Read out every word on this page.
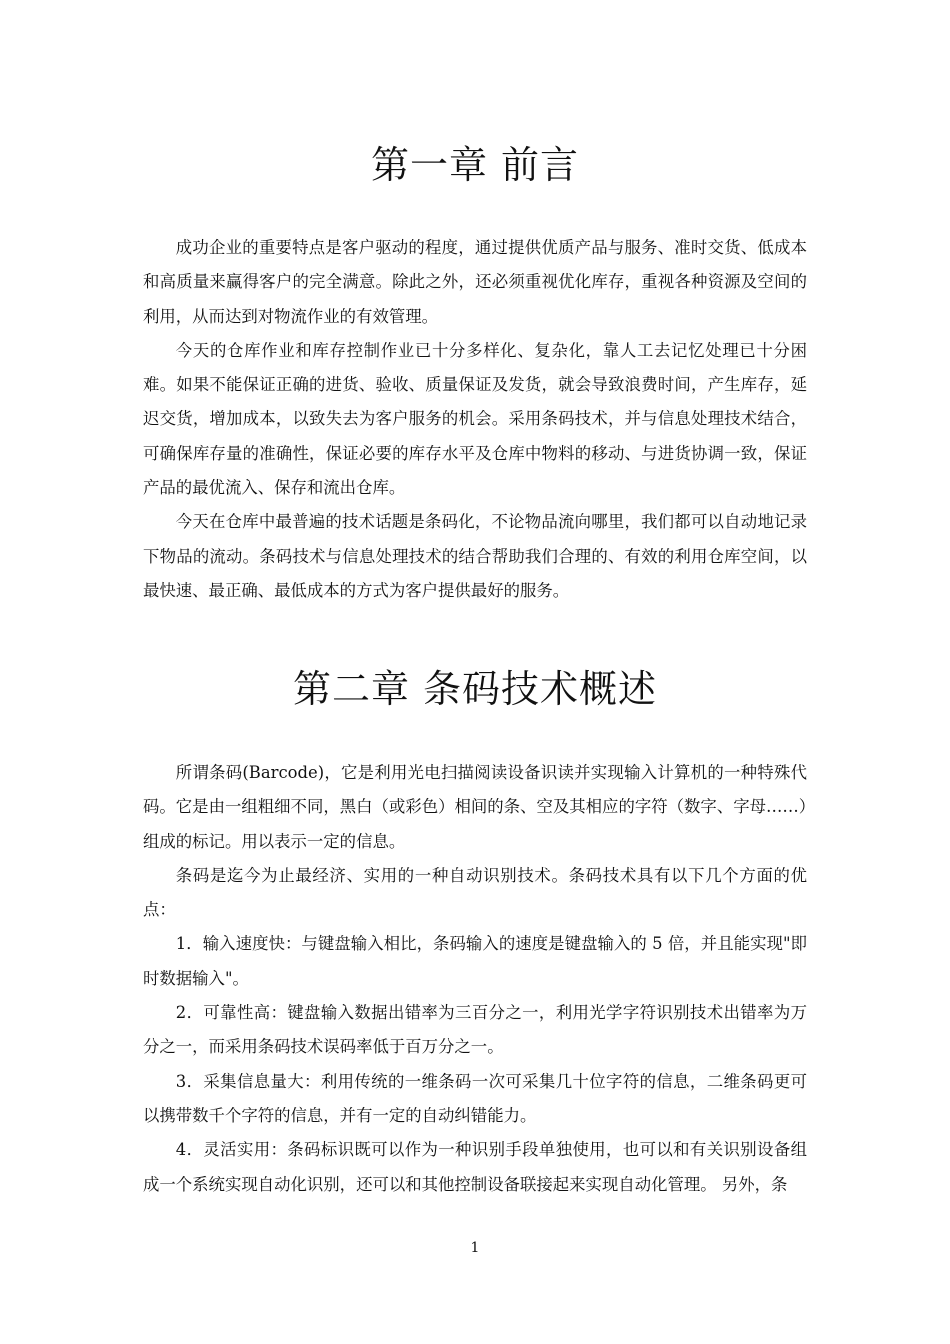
第一章 前言

成功企业的重要特点是客户驱动的程度，通过提供优质产品与服务、准时交货、低成本和高质量来赢得客户的完全满意。除此之外，还必须重视优化库存，重视各种资源及空间的利用，从而达到对物流作业的有效管理。

今天的仓库作业和库存控制作业已十分多样化、复杂化，靠人工去记忆处理已十分困难。如果不能保证正确的进货、验收、质量保证及发货，就会导致浪费时间，产生库存，延迟交货，增加成本，以致失去为客户服务的机会。采用条码技术，并与信息处理技术结合，可确保库存量的准确性，保证必要的库存水平及仓库中物料的移动、与进货协调一致，保证产品的最优流入、保存和流出仓库。

今天在仓库中最普遍的技术话题是条码化，不论物品流向哪里，我们都可以自动地记录下物品的流动。条码技术与信息处理技术的结合帮助我们合理的、有效的利用仓库空间，以最快速、最正确、最低成本的方式为客户提供最好的服务。

第二章 条码技术概述

所谓条码(Barcode)，它是利用光电扫描阅读设备识读并实现输入计算机的一种特殊代码。它是由一组粗细不同，黑白（或彩色）相间的条、空及其相应的字符（数字、字母……）组成的标记。用以表示一定的信息。

条码是迄今为止最经济、实用的一种自动识别技术。条码技术具有以下几个方面的优点：

1．输入速度快：与键盘输入相比，条码输入的速度是键盘输入的 5 倍，并且能实现"即时数据输入"。

2．可靠性高：键盘输入数据出错率为三百分之一，利用光学字符识别技术出错率为万分之一，而采用条码技术误码率低于百万分之一。

3．采集信息量大：利用传统的一维条码一次可采集几十位字符的信息，二维条码更可以携带数千个字符的信息，并有一定的自动纠错能力。

4．灵活实用：条码标识既可以作为一种识别手段单独使用，也可以和有关识别设备组成一个系统实现自动化识别，还可以和其他控制设备联接起来实现自动化管理。 另外，条

1
